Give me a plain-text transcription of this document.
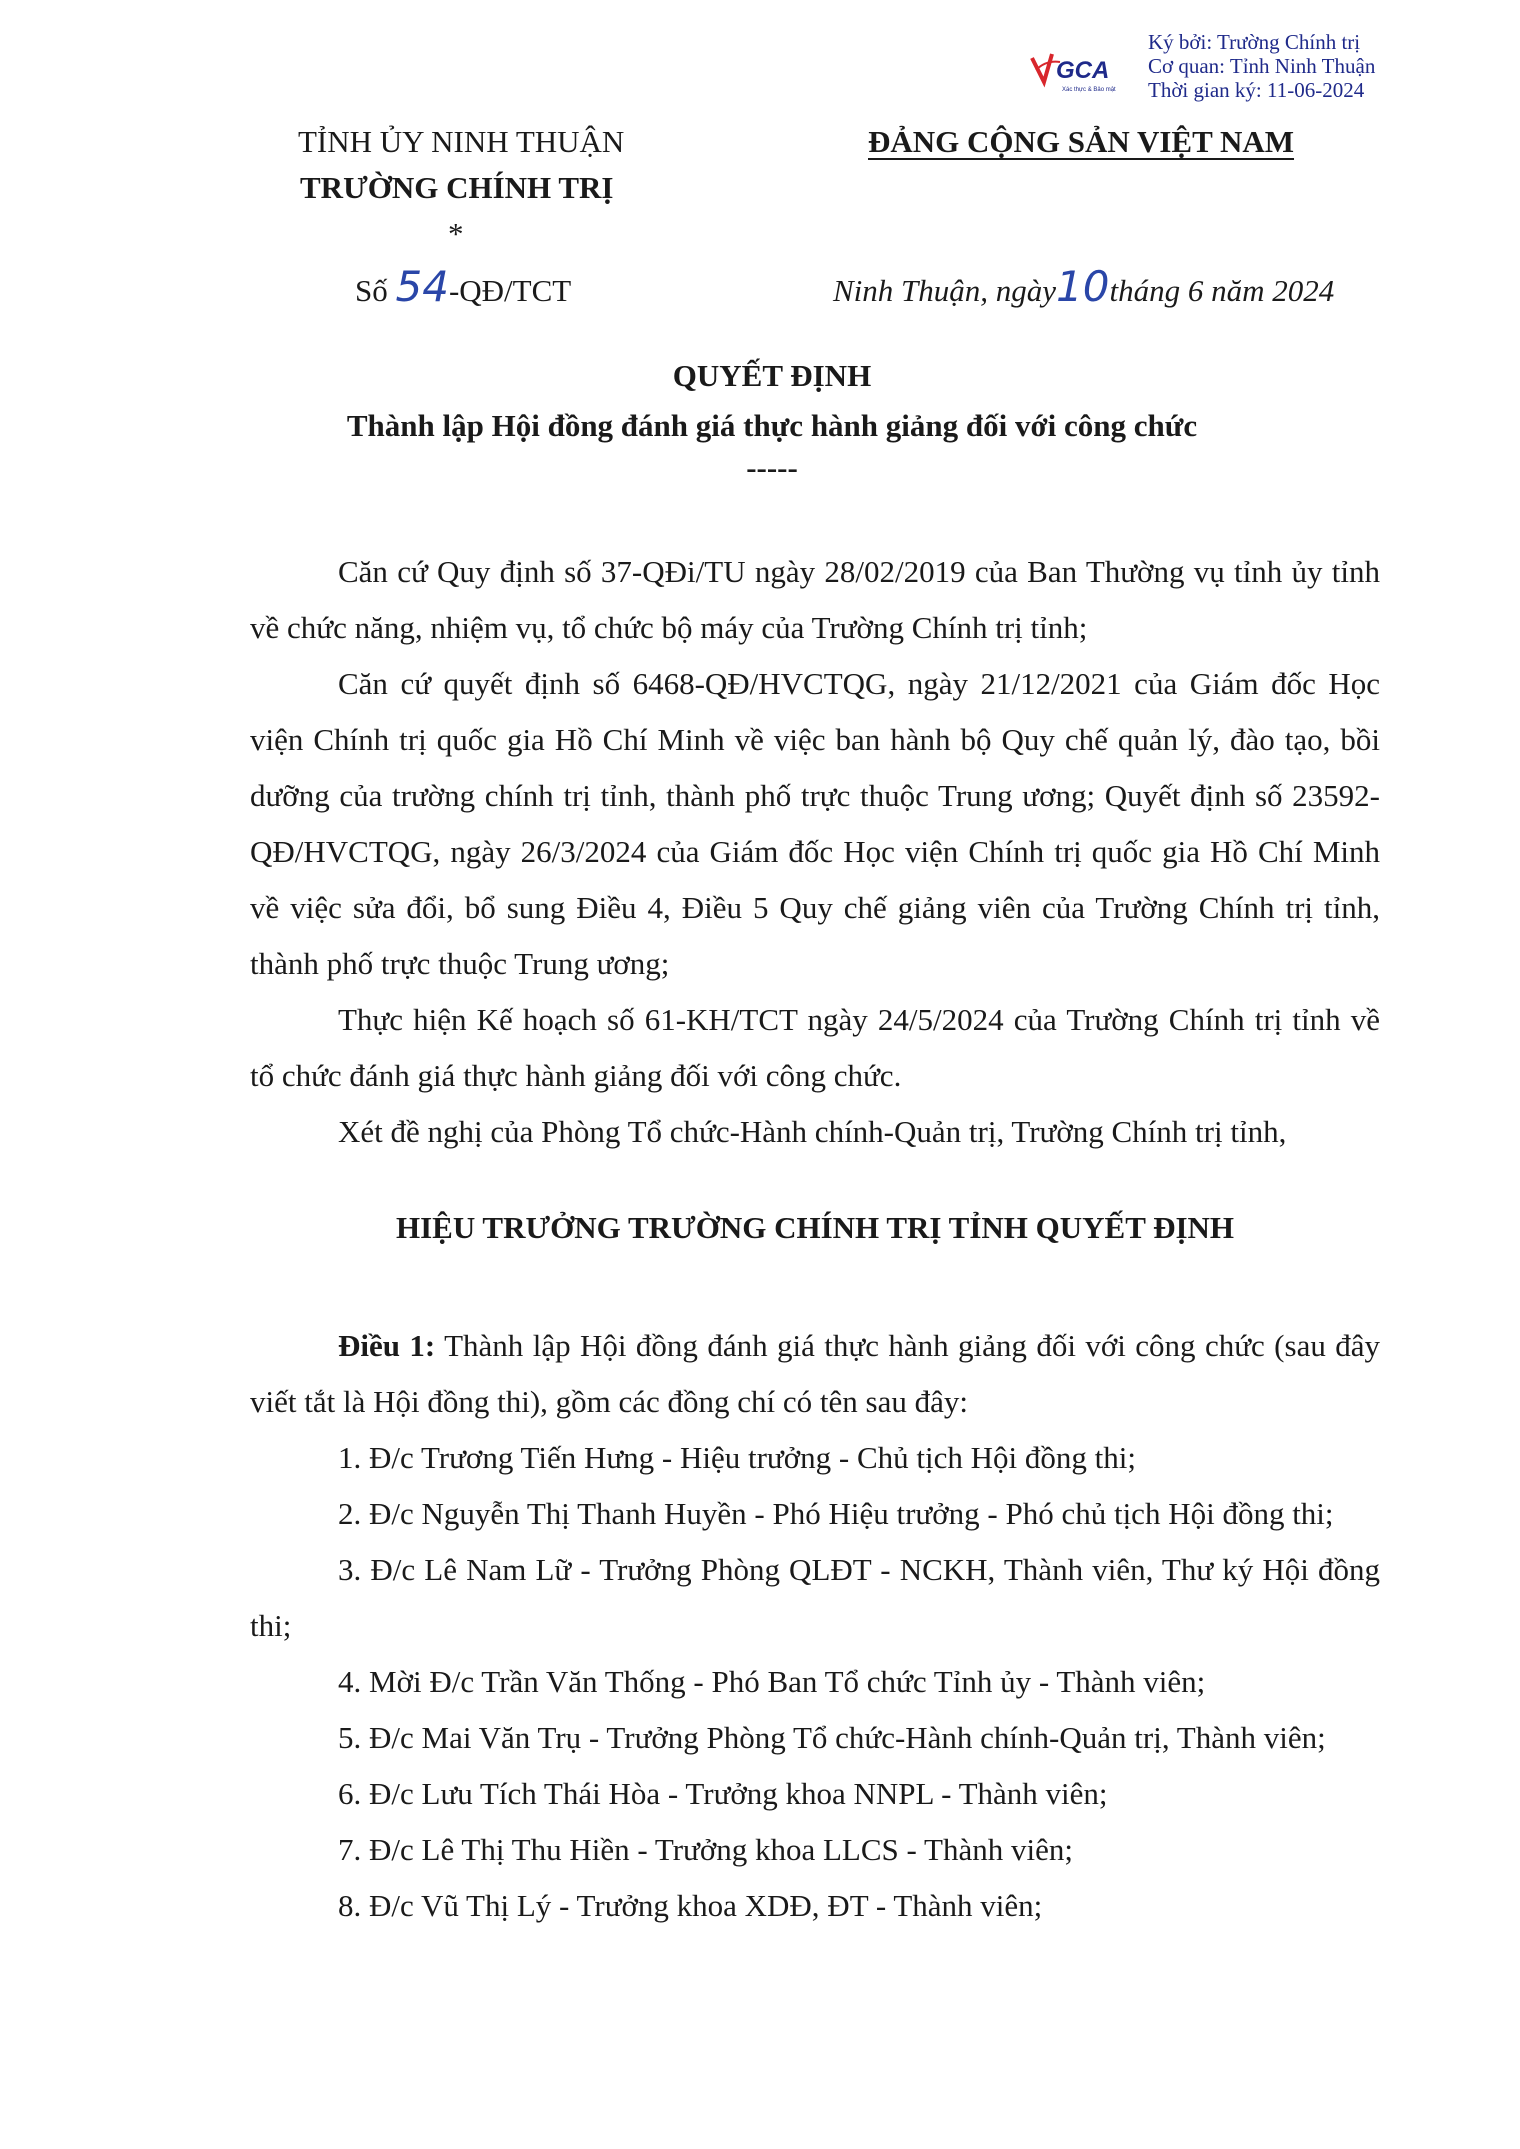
GCA
Xác thực & Bảo mật
Ký bởi: Trường Chính trị
Cơ quan: Tỉnh Ninh Thuận
Thời gian ký: 11-06-2024
TỈNH ỦY NINH THUẬN
TRƯỜNG CHÍNH TRỊ
*
Số 54-QĐ/TCT
ĐẢNG CỘNG SẢN VIỆT NAM
Ninh Thuận, ngày10tháng 6 năm 2024
QUYẾT ĐỊNH
Thành lập Hội đồng đánh giá thực hành giảng đối với công chức
-----

Căn cứ Quy định số 37-QĐi/TU ngày 28/02/2019 của Ban Thường vụ tỉnh ủy tỉnh về chức năng, nhiệm vụ, tổ chức bộ máy của Trường Chính trị tỉnh;

Căn cứ quyết định số 6468-QĐ/HVCTQG, ngày 21/12/2021 của Giám đốc Học viện Chính trị quốc gia Hồ Chí Minh về việc ban hành bộ Quy chế quản lý, đào tạo, bồi dưỡng của trường chính trị tỉnh, thành phố trực thuộc Trung ương; Quyết định số 23592-QĐ/HVCTQG, ngày 26/3/2024 của Giám đốc Học viện Chính trị quốc gia Hồ Chí Minh về việc sửa đổi, bổ sung Điều 4, Điều 5 Quy chế giảng viên của Trường Chính trị tỉnh, thành phố trực thuộc Trung ương;

Thực hiện Kế hoạch số 61-KH/TCT ngày 24/5/2024 của Trường Chính trị tỉnh về tổ chức đánh giá thực hành giảng đối với công chức.

Xét đề nghị của Phòng Tổ chức-Hành chính-Quản trị, Trường Chính trị tỉnh,

HIỆU TRƯỞNG TRƯỜNG CHÍNH TRỊ TỈNH QUYẾT ĐỊNH

Điều 1: Thành lập Hội đồng đánh giá thực hành giảng đối với công chức (sau đây viết tắt là Hội đồng thi), gồm các đồng chí có tên sau đây:

1. Đ/c Trương Tiến Hưng - Hiệu trưởng - Chủ tịch Hội đồng thi;

2. Đ/c Nguyễn Thị Thanh Huyền - Phó Hiệu trưởng - Phó chủ tịch Hội đồng thi;

3. Đ/c Lê Nam Lữ - Trưởng Phòng QLĐT - NCKH, Thành viên, Thư ký Hội đồng thi;

4. Mời Đ/c Trần Văn Thống - Phó Ban Tổ chức Tỉnh ủy - Thành viên;

5. Đ/c Mai Văn Trụ - Trưởng Phòng Tổ chức-Hành chính-Quản trị, Thành viên;

6. Đ/c Lưu Tích Thái Hòa - Trưởng khoa NNPL - Thành viên;

7. Đ/c Lê Thị Thu Hiền - Trưởng khoa LLCS - Thành viên;

8. Đ/c Vũ Thị Lý - Trưởng khoa XDĐ, ĐT - Thành viên;
